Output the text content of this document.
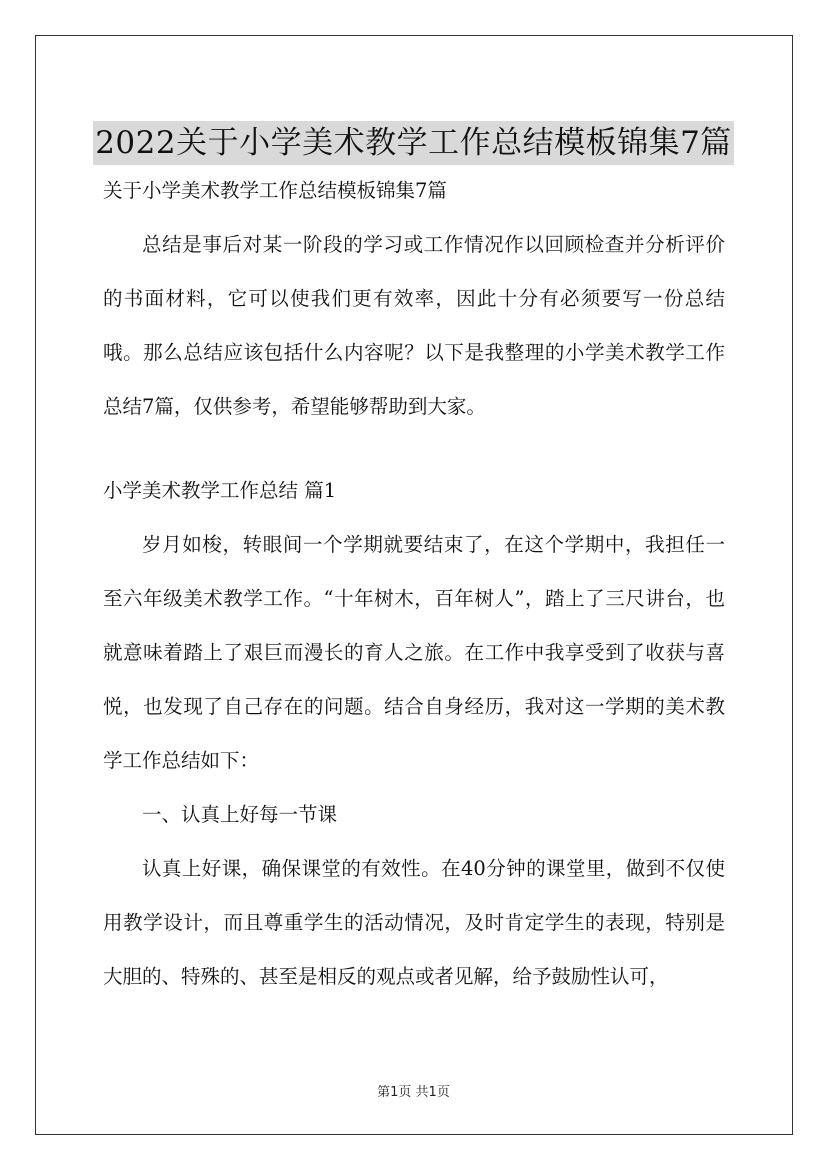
2022关于小学美术教学工作总结模板锦集7篇
关于小学美术教学工作总结模板锦集7篇

总结是事后对某一阶段的学习或工作情况作以回顾检查并分析评价的书面材料，它可以使我们更有效率，因此十分有必须要写一份总结哦。那么总结应该包括什么内容呢？以下是我整理的小学美术教学工作总结7篇，仅供参考，希望能够帮助到大家。

小学美术教学工作总结 篇1

岁月如梭，转眼间一个学期就要结束了，在这个学期中，我担任一至六年级美术教学工作。“十年树木，百年树人”，踏上了三尺讲台，也就意味着踏上了艰巨而漫长的育人之旅。在工作中我享受到了收获与喜悦，也发现了自己存在的问题。结合自身经历，我对这一学期的美术教学工作总结如下：

一、认真上好每一节课

认真上好课，确保课堂的有效性。在40分钟的课堂里，做到不仅使用教学设计，而且尊重学生的活动情况，及时肯定学生的表现，特别是大胆的、特殊的、甚至是相反的观点或者见解，给予鼓励性认可，

第1页 共1页
